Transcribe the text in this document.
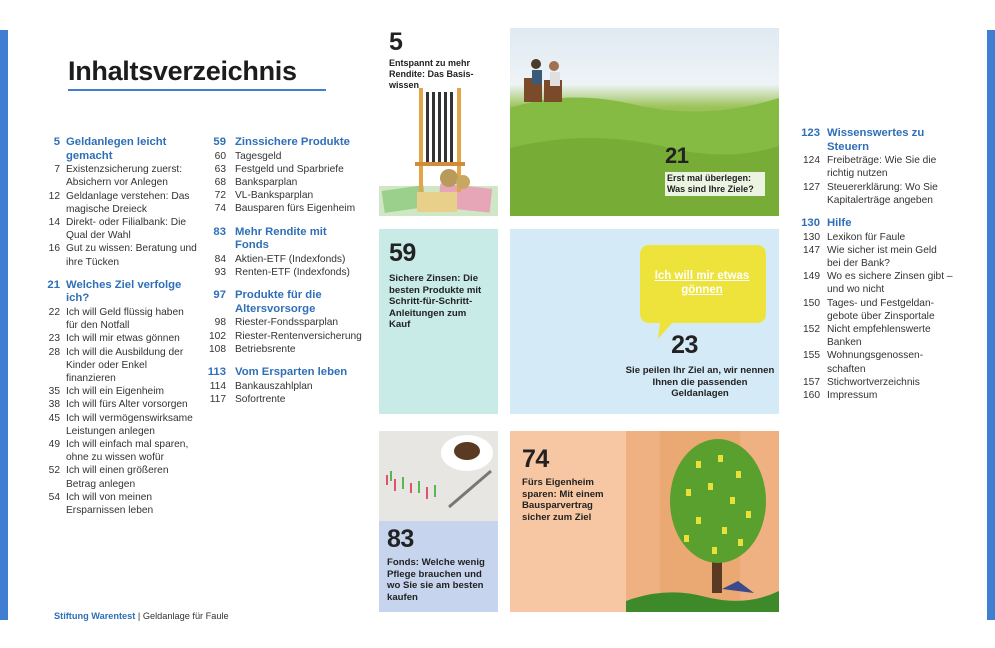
Inhaltsverzeichnis
5 Geldanlegen leicht gemacht
7 Existenzsicherung zuerst: Absichern vor Anlegen
12 Geldanlage verstehen: Das magische Dreieck
14 Direkt- oder Filialbank: Die Qual der Wahl
16 Gut zu wissen: Beratung und ihre Tücken
21 Welches Ziel verfolge ich?
22 Ich will Geld flüssig haben für den Notfall
23 Ich will mir etwas gönnen
28 Ich will die Ausbildung der Kinder oder Enkel finanzieren
35 Ich will ein Eigenheim
38 Ich will fürs Alter vorsorgen
45 Ich will vermögenswirksame Leistungen anlegen
49 Ich will einfach mal sparen, ohne zu wissen wofür
52 Ich will einen größeren Betrag anlegen
54 Ich will von meinen Ersparnissen leben
59 Zinssichere Produkte
60 Tagesgeld
63 Festgeld und Sparbriefe
68 Banksparplan
72 VL-Banksparplan
74 Bausparen fürs Eigenheim
83 Mehr Rendite mit Fonds
84 Aktien-ETF (Indexfonds)
93 Renten-ETF (Indexfonds)
97 Produkte für die Altersvorsorge
98 Riester-Fondssparplan
102 Riester-Rentenversicherung
108 Betriebsrente
113 Vom Ersparten leben
114 Bankauszahlplan
117 Sofortrente
123 Wissenswertes zu Steuern
124 Freibeträge: Wie Sie die richtig nutzen
127 Steuererklärung: Wo Sie Kapitalerträge angeben
130 Hilfe
130 Lexikon für Faule
147 Wie sicher ist mein Geld bei der Bank?
149 Wo es sichere Zinsen gibt – und wo nicht
150 Tages- und Festgeldangebote über Zinsportale
152 Nicht empfehlenswerte Banken
155 Wohnungsgenossenschaften
157 Stichwortverzeichnis
160 Impressum
5
Entspannt zu mehr Rendite: Das Basiswissen
21
Erst mal überlegen: Was sind Ihre Ziele?
59
Sichere Zinsen: Die besten Produkte mit Schritt-für-Schritt-Anleitungen zum Kauf
Ich will mir etwas gönnen
23
Sie peilen Ihr Ziel an, wir nennen Ihnen die passenden Geldanlagen
83
Fonds: Welche wenig Pflege brauchen und wo Sie sie am besten kaufen
74
Fürs Eigenheim sparen: Mit einem Bausparvertrag sicher zum Ziel
Stiftung Warentest | Geldanlage für Faule
